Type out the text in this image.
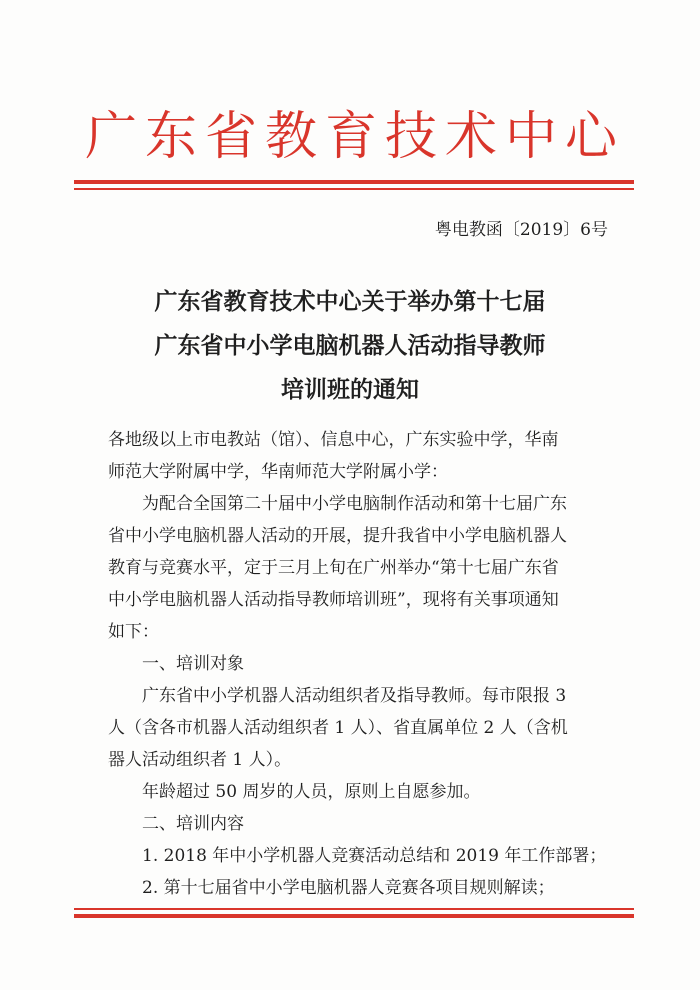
广东省教育技术中心
粤电教函〔2019〕6号
广东省教育技术中心关于举办第十七届
广东省中小学电脑机器人活动指导教师
培训班的通知

各地级以上市电教站（馆）、信息中心，广东实验中学，华南

师范大学附属中学，华南师范大学附属小学：

为配合全国第二十届中小学电脑制作活动和第十七届广东

省中小学电脑机器人活动的开展，提升我省中小学电脑机器人

教育与竞赛水平，定于三月上旬在广州举办“第十七届广东省

中小学电脑机器人活动指导教师培训班”，现将有关事项通知

如下：

一、培训对象

广东省中小学机器人活动组织者及指导教师。每市限报 3

人（含各市机器人活动组织者 1 人）、省直属单位 2 人（含机

器人活动组织者 1 人）。

年龄超过 50 周岁的人员，原则上自愿参加。

二、培训内容

1. 2018 年中小学机器人竞赛活动总结和 2019 年工作部署；

2. 第十七届省中小学电脑机器人竞赛各项目规则解读；
